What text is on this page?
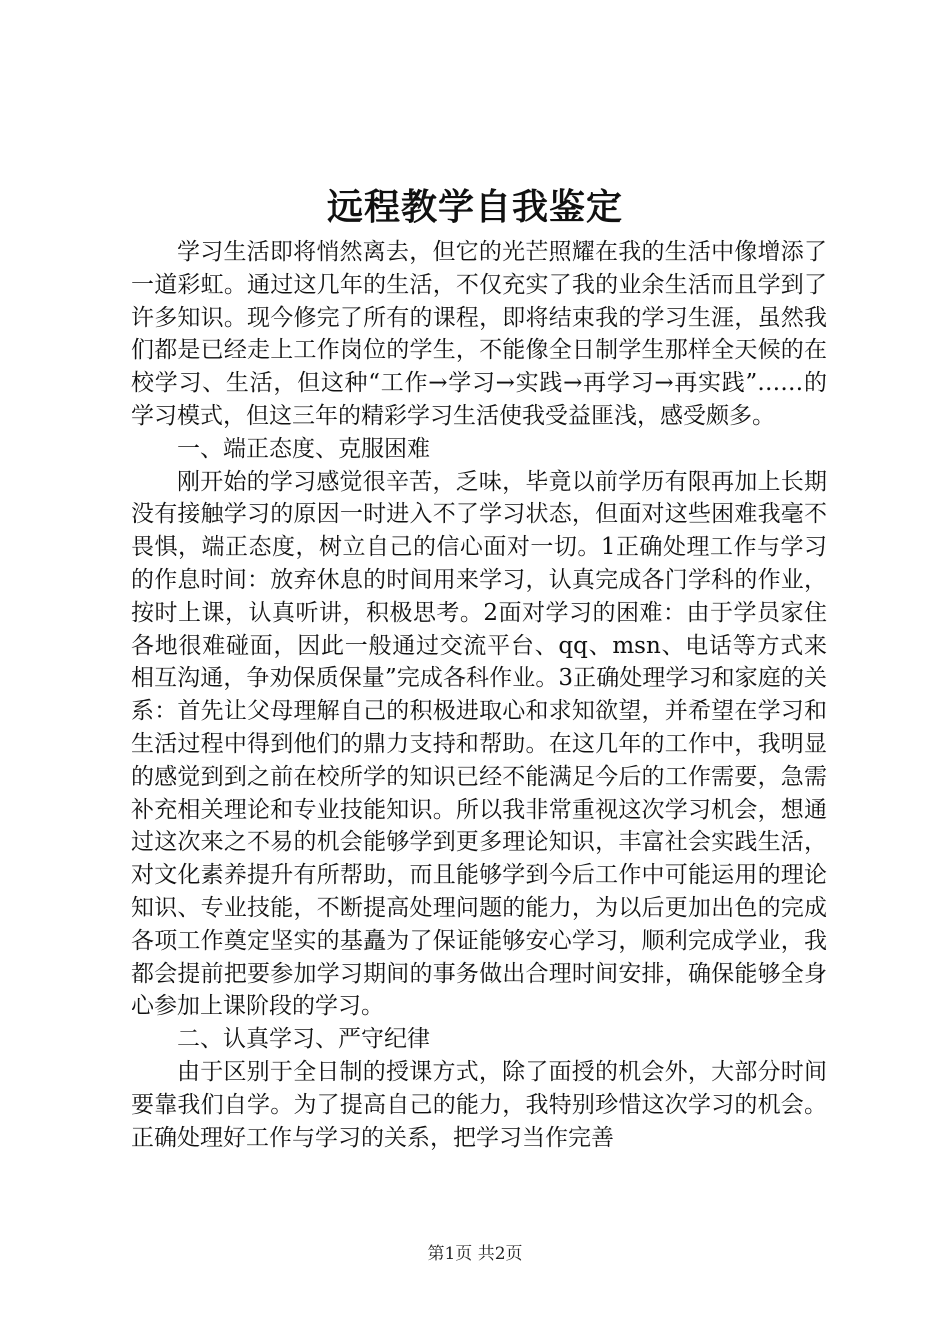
远程教学自我鉴定

学习生活即将悄然离去，但它的光芒照耀在我的生活中像增添了一道彩虹。通过这几年的生活，不仅充实了我的业余生活而且学到了许多知识。现今修完了所有的课程，即将结束我的学习生涯，虽然我们都是已经走上工作岗位的学生，不能像全日制学生那样全天候的在校学习、生活，但这种“工作→学习→实践→再学习→再实践”……的学习模式，但这三年的精彩学习生活使我受益匪浅，感受颇多。

一、端正态度、克服困难

刚开始的学习感觉很辛苦，乏味，毕竟以前学历有限再加上长期没有接触学习的原因一时进入不了学习状态，但面对这些困难我毫不畏惧，端正态度，树立自己的信心面对一切。1正确处理工作与学习的作息时间：放弃休息的时间用来学习，认真完成各门学科的作业，按时上课，认真听讲，积极思考。2面对学习的困难：由于学员家住各地很难碰面，因此一般通过交流平台、qq、msn、电话等方式来相互沟通，争劝保质保量”完成各科作业。3正确处理学习和家庭的关系：首先让父母理解自己的积极进取心和求知欲望，并希望在学习和生活过程中得到他们的鼎力支持和帮助。在这几年的工作中，我明显的感觉到到之前在校所学的知识已经不能满足今后的工作需要，急需补充相关理论和专业技能知识。所以我非常重视这次学习机会，想通过这次来之不易的机会能够学到更多理论知识，丰富社会实践生活，对文化素养提升有所帮助，而且能够学到今后工作中可能运用的理论知识、专业技能，不断提高处理问题的能力，为以后更加出色的完成各项工作奠定坚实的基矗为了保证能够安心学习，顺利完成学业，我都会提前把要参加学习期间的事务做出合理时间安排，确保能够全身心参加上课阶段的学习。

二、认真学习、严守纪律

由于区别于全日制的授课方式，除了面授的机会外，大部分时间要靠我们自学。为了提高自己的能力，我特别珍惜这次学习的机会。正确处理好工作与学习的关系，把学习当作完善

第1页 共2页
